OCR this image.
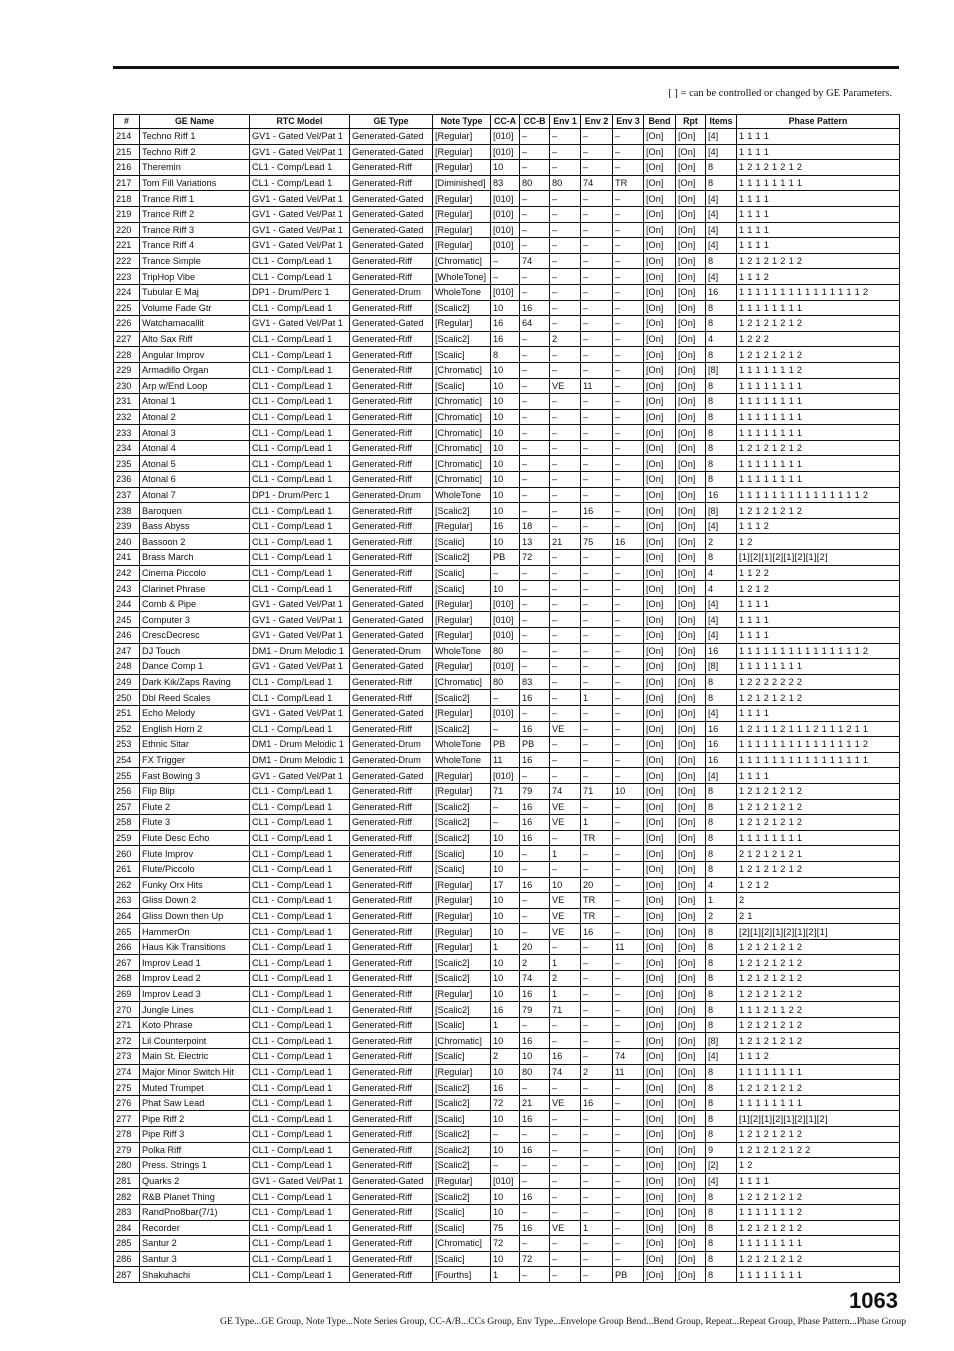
[ ] = can be controlled or changed by GE Parameters.
#	GE Name	RTC Model	GE Type	Note Type	CC-A	CC-B	Env 1	Env 2	Env 3	Bend	Rpt	Items	Phase Pattern
214	Techno Riff 1	GV1 - Gated Vel/Pat 1	Generated-Gated	[Regular]	[010]	–	–	–	–	[On]	[On]	[4]	1 1 1 1
215	Techno Riff 2	GV1 - Gated Vel/Pat 1	Generated-Gated	[Regular]	[010]	–	–	–	–	[On]	[On]	[4]	1 1 1 1
216	Theremin	CL1 - Comp/Lead 1	Generated-Riff	[Regular]	10	–	–	–	–	[On]	[On]	8	1 2 1 2 1 2 1 2
217	Tom Fill Variations	CL1 - Comp/Lead 1	Generated-Riff	[Diminished]	83	80	80	74	TR	[On]	[On]	8	1 1 1 1 1 1 1 1
218	Trance Riff 1	GV1 - Gated Vel/Pat 1	Generated-Gated	[Regular]	[010]	–	–	–	–	[On]	[On]	[4]	1 1 1 1
219	Trance Riff 2	GV1 - Gated Vel/Pat 1	Generated-Gated	[Regular]	[010]	–	–	–	–	[On]	[On]	[4]	1 1 1 1
220	Trance Riff 3	GV1 - Gated Vel/Pat 1	Generated-Gated	[Regular]	[010]	–	–	–	–	[On]	[On]	[4]	1 1 1 1
221	Trance Riff 4	GV1 - Gated Vel/Pat 1	Generated-Gated	[Regular]	[010]	–	–	–	–	[On]	[On]	[4]	1 1 1 1
222	Trance Simple	CL1 - Comp/Lead 1	Generated-Riff	[Chromatic]	–	74	–	–	–	[On]	[On]	8	1 2 1 2 1 2 1 2
223	TripHop Vibe	CL1 - Comp/Lead 1	Generated-Riff	[WholeTone]	–	–	–	–	–	[On]	[On]	[4]	1 1 1 2
224	Tubular E Maj	DP1 - Drum/Perc 1	Generated-Drum	WholeTone	[010]	–	–	–	–	[On]	[On]	16	1 1 1 1 1 1 1 1 1 1 1 1 1 1 1 2
225	Volume Fade Gtr	CL1 - Comp/Lead 1	Generated-Riff	[Scalic2]	10	16	–	–	–	[On]	[On]	8	1 1 1 1 1 1 1 1
226	Watchamacallit	GV1 - Gated Vel/Pat 1	Generated-Gated	[Regular]	16	64	–	–	–	[On]	[On]	8	1 2 1 2 1 2 1 2
227	Alto Sax Riff	CL1 - Comp/Lead 1	Generated-Riff	[Scalic2]	16	–	2	–	–	[On]	[On]	4	1 2 2 2
228	Angular Improv	CL1 - Comp/Lead 1	Generated-Riff	[Scalic]	8	–	–	–	–	[On]	[On]	8	1 2 1 2 1 2 1 2
229	Armadillo Organ	CL1 - Comp/Lead 1	Generated-Riff	[Chromatic]	10	–	–	–	–	[On]	[On]	[8]	1 1 1 1 1 1 1 2
230	Arp w/End Loop	CL1 - Comp/Lead 1	Generated-Riff	[Scalic]	10	–	VE	11	–	[On]	[On]	8	1 1 1 1 1 1 1 1
231	Atonal 1	CL1 - Comp/Lead 1	Generated-Riff	[Chromatic]	10	–	–	–	–	[On]	[On]	8	1 1 1 1 1 1 1 1
232	Atonal 2	CL1 - Comp/Lead 1	Generated-Riff	[Chromatic]	10	–	–	–	–	[On]	[On]	8	1 1 1 1 1 1 1 1
233	Atonal 3	CL1 - Comp/Lead 1	Generated-Riff	[Chromatic]	10	–	–	–	–	[On]	[On]	8	1 1 1 1 1 1 1 1
234	Atonal 4	CL1 - Comp/Lead 1	Generated-Riff	[Chromatic]	10	–	–	–	–	[On]	[On]	8	1 2 1 2 1 2 1 2
235	Atonal 5	CL1 - Comp/Lead 1	Generated-Riff	[Chromatic]	10	–	–	–	–	[On]	[On]	8	1 1 1 1 1 1 1 1
236	Atonal 6	CL1 - Comp/Lead 1	Generated-Riff	[Chromatic]	10	–	–	–	–	[On]	[On]	8	1 1 1 1 1 1 1 1
237	Atonal 7	DP1 - Drum/Perc 1	Generated-Drum	WholeTone	10	–	–	–	–	[On]	[On]	16	1 1 1 1 1 1 1 1 1 1 1 1 1 1 1 2
238	Baroquen	CL1 - Comp/Lead 1	Generated-Riff	[Scalic2]	10	–	–	16	–	[On]	[On]	[8]	1 2 1 2 1 2 1 2
239	Bass Abyss	CL1 - Comp/Lead 1	Generated-Riff	[Regular]	16	18	–	–	–	[On]	[On]	[4]	1 1 1 2
240	Bassoon 2	CL1 - Comp/Lead 1	Generated-Riff	[Scalic]	10	13	21	75	16	[On]	[On]	2	1 2
241	Brass March	CL1 - Comp/Lead 1	Generated-Riff	[Scalic2]	PB	72	–	–	–	[On]	[On]	8	[1][2][1][2][1][2][1][2]
242	Cinema Piccolo	CL1 - Comp/Lead 1	Generated-Riff	[Scalic]	–	–	–	–	–	[On]	[On]	4	1 1 2 2
243	Clarinet Phrase	CL1 - Comp/Lead 1	Generated-Riff	[Scalic]	10	–	–	–	–	[On]	[On]	4	1 2 1 2
244	Comb & Pipe	GV1 - Gated Vel/Pat 1	Generated-Gated	[Regular]	[010]	–	–	–	–	[On]	[On]	[4]	1 1 1 1
245	Computer 3	GV1 - Gated Vel/Pat 1	Generated-Gated	[Regular]	[010]	–	–	–	–	[On]	[On]	[4]	1 1 1 1
246	CrescDecresc	GV1 - Gated Vel/Pat 1	Generated-Gated	[Regular]	[010]	–	–	–	–	[On]	[On]	[4]	1 1 1 1
247	DJ Touch	DM1 - Drum Melodic 1	Generated-Drum	WholeTone	80	–	–	–	–	[On]	[On]	16	1 1 1 1 1 1 1 1 1 1 1 1 1 1 1 2
248	Dance Comp 1	GV1 - Gated Vel/Pat 1	Generated-Gated	[Regular]	[010]	–	–	–	–	[On]	[On]	[8]	1 1 1 1 1 1 1 1
249	Dark Kik/Zaps Raving	CL1 - Comp/Lead 1	Generated-Riff	[Chromatic]	80	83	–	–	–	[On]	[On]	8	1 2 2 2 2 2 2 2
250	Dbl Reed Scales	CL1 - Comp/Lead 1	Generated-Riff	[Scalic2]	–	16	–	1	–	[On]	[On]	8	1 2 1 2 1 2 1 2
251	Echo Melody	GV1 - Gated Vel/Pat 1	Generated-Gated	[Regular]	[010]	–	–	–	–	[On]	[On]	[4]	1 1 1 1
252	English Horn 2	CL1 - Comp/Lead 1	Generated-Riff	[Scalic2]	–	16	VE	–	–	[On]	[On]	16	1 2 1 1 1 2 1 1 1 2 1 1 1 2 1 1
253	Ethnic Sitar	DM1 - Drum Melodic 1	Generated-Drum	WholeTone	PB	PB	–	–	–	[On]	[On]	16	1 1 1 1 1 1 1 1 1 1 1 1 1 1 1 2
254	FX Trigger	DM1 - Drum Melodic 1	Generated-Drum	WholeTone	11	16	–	–	–	[On]	[On]	16	1 1 1 1 1 1 1 1 1 1 1 1 1 1 1 1
255	Fast Bowing 3	GV1 - Gated Vel/Pat 1	Generated-Gated	[Regular]	[010]	–	–	–	–	[On]	[On]	[4]	1 1 1 1
256	Flip Blip	CL1 - Comp/Lead 1	Generated-Riff	[Regular]	71	79	74	71	10	[On]	[On]	8	1 2 1 2 1 2 1 2
257	Flute 2	CL1 - Comp/Lead 1	Generated-Riff	[Scalic2]	–	16	VE	–	–	[On]	[On]	8	1 2 1 2 1 2 1 2
258	Flute 3	CL1 - Comp/Lead 1	Generated-Riff	[Scalic2]	–	16	VE	1	–	[On]	[On]	8	1 2 1 2 1 2 1 2
259	Flute Desc Echo	CL1 - Comp/Lead 1	Generated-Riff	[Scalic2]	10	16	–	TR	–	[On]	[On]	8	1 1 1 1 1 1 1 1
260	Flute Improv	CL1 - Comp/Lead 1	Generated-Riff	[Scalic]	10	–	1	–	–	[On]	[On]	8	2 1 2 1 2 1 2 1
261	Flute/Piccolo	CL1 - Comp/Lead 1	Generated-Riff	[Scalic]	10	–	–	–	–	[On]	[On]	8	1 2 1 2 1 2 1 2
262	Funky Orx Hits	CL1 - Comp/Lead 1	Generated-Riff	[Regular]	17	16	10	20	–	[On]	[On]	4	1 2 1 2
263	Gliss Down 2	CL1 - Comp/Lead 1	Generated-Riff	[Regular]	10	–	VE	TR	–	[On]	[On]	1	2
264	Gliss Down then Up	CL1 - Comp/Lead 1	Generated-Riff	[Regular]	10	–	VE	TR	–	[On]	[On]	2	2 1
265	HammerOn	CL1 - Comp/Lead 1	Generated-Riff	[Regular]	10	–	VE	16	–	[On]	[On]	8	[2][1][2][1][2][1][2][1]
266	Haus Kik Transitions	CL1 - Comp/Lead 1	Generated-Riff	[Regular]	1	20	–	–	11	[On]	[On]	8	1 2 1 2 1 2 1 2
267	Improv Lead 1	CL1 - Comp/Lead 1	Generated-Riff	[Scalic2]	10	2	1	–	–	[On]	[On]	8	1 2 1 2 1 2 1 2
268	Improv Lead 2	CL1 - Comp/Lead 1	Generated-Riff	[Scalic2]	10	74	2	–	–	[On]	[On]	8	1 2 1 2 1 2 1 2
269	Improv Lead 3	CL1 - Comp/Lead 1	Generated-Riff	[Regular]	10	16	1	–	–	[On]	[On]	8	1 2 1 2 1 2 1 2
270	Jungle Lines	CL1 - Comp/Lead 1	Generated-Riff	[Scalic2]	16	79	71	–	–	[On]	[On]	8	1 1 1 2 1 1 2 2
271	Koto Phrase	CL1 - Comp/Lead 1	Generated-Riff	[Scalic]	1	–	–	–	–	[On]	[On]	8	1 2 1 2 1 2 1 2
272	Lil Counterpoint	CL1 - Comp/Lead 1	Generated-Riff	[Chromatic]	10	16	–	–	–	[On]	[On]	[8]	1 2 1 2 1 2 1 2
273	Main St. Electric	CL1 - Comp/Lead 1	Generated-Riff	[Scalic]	2	10	16	–	74	[On]	[On]	[4]	1 1 1 2
274	Major Minor Switch Hit	CL1 - Comp/Lead 1	Generated-Riff	[Regular]	10	80	74	2	11	[On]	[On]	8	1 1 1 1 1 1 1 1
275	Muted Trumpet	CL1 - Comp/Lead 1	Generated-Riff	[Scalic2]	16	–	–	–	–	[On]	[On]	8	1 2 1 2 1 2 1 2
276	Phat Saw Lead	CL1 - Comp/Lead 1	Generated-Riff	[Scalic2]	72	21	VE	16	–	[On]	[On]	8	1 1 1 1 1 1 1 1
277	Pipe Riff 2	CL1 - Comp/Lead 1	Generated-Riff	[Scalic]	10	16	–	–	–	[On]	[On]	8	[1][2][1][2][1][2][1][2]
278	Pipe Riff 3	CL1 - Comp/Lead 1	Generated-Riff	[Scalic2]	–	–	–	–	–	[On]	[On]	8	1 2 1 2 1 2 1 2
279	Polka Riff	CL1 - Comp/Lead 1	Generated-Riff	[Scalic2]	10	16	–	–	–	[On]	[On]	9	1 2 1 2 1 2 1 2 2
280	Press. Strings 1	CL1 - Comp/Lead 1	Generated-Riff	[Scalic2]	–	–	–	–	–	[On]	[On]	[2]	1 2
281	Quarks 2	GV1 - Gated Vel/Pat 1	Generated-Gated	[Regular]	[010]	–	–	–	–	[On]	[On]	[4]	1 1 1 1
282	R&B Planet Thing	CL1 - Comp/Lead 1	Generated-Riff	[Scalic2]	10	16	–	–	–	[On]	[On]	8	1 2 1 2 1 2 1 2
283	RandPno8bar(7/1)	CL1 - Comp/Lead 1	Generated-Riff	[Scalic]	10	–	–	–	–	[On]	[On]	8	1 1 1 1 1 1 1 2
284	Recorder	CL1 - Comp/Lead 1	Generated-Riff	[Scalic]	75	16	VE	1	–	[On]	[On]	8	1 2 1 2 1 2 1 2
285	Santur 2	CL1 - Comp/Lead 1	Generated-Riff	[Chromatic]	72	–	–	–	–	[On]	[On]	8	1 1 1 1 1 1 1 1
286	Santur 3	CL1 - Comp/Lead 1	Generated-Riff	[Scalic]	10	72	–	–	–	[On]	[On]	8	1 2 1 2 1 2 1 2
287	Shakuhachi	CL1 - Comp/Lead 1	Generated-Riff	[Fourths]	1	–	–	–	PB	[On]	[On]	8	1 1 1 1 1 1 1 1
1063
GE Type...GE Group, Note Type...Note Series Group, CC-A/B...CCs Group, Env Type...Envelope Group Bend...Bend Group, Repeat...Repeat Group, Phase Pattern...Phase Group
